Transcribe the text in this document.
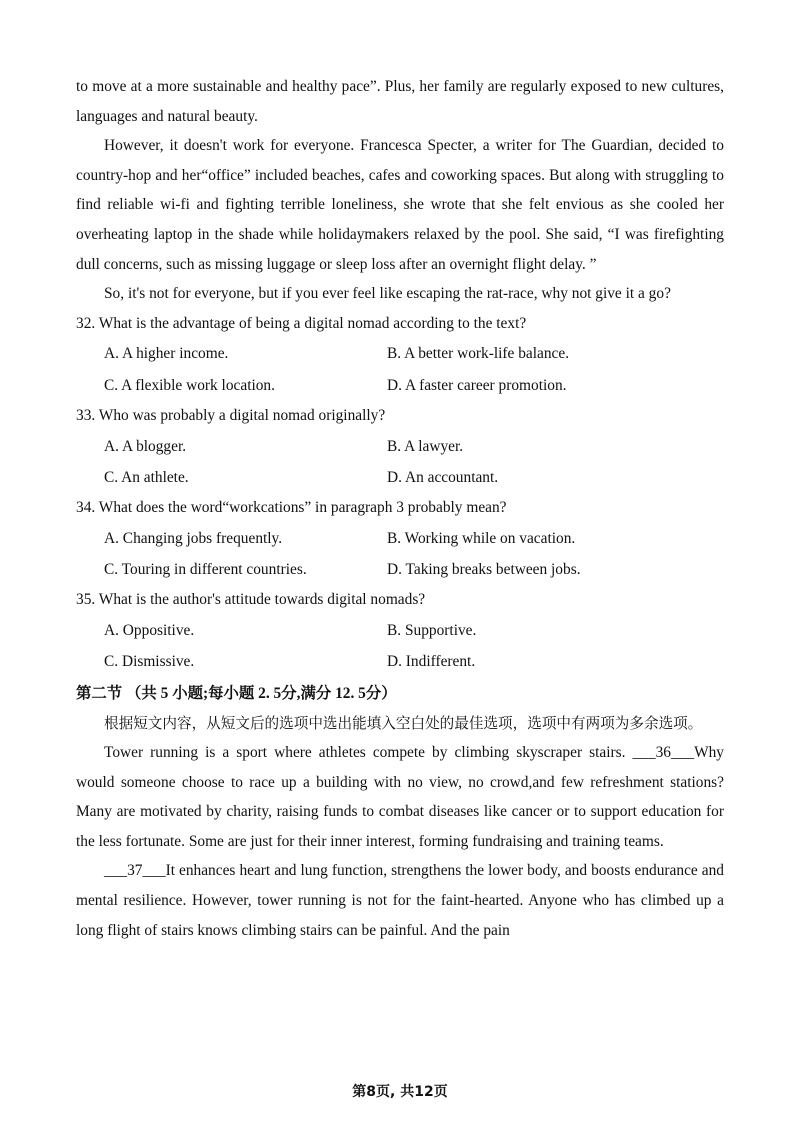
to move at a more sustainable and healthy pace”. Plus, her family are regularly exposed to new cultures, languages and natural beauty.

However, it doesn't work for everyone. Francesca Specter, a writer for The Guardian, decided to country-hop and her“office” included beaches, cafes and coworking spaces. But along with struggling to find reliable wi-fi and fighting terrible loneliness, she wrote that she felt envious as she cooled her overheating laptop in the shade while holidaymakers relaxed by the pool. She said, “I was firefighting dull concerns, such as missing luggage or sleep loss after an overnight flight delay. ”

So, it's not for everyone, but if you ever feel like escaping the rat-race, why not give it a go?

32. What is the advantage of being a digital nomad according to the text?

A. A higher income.	B. A better work-life balance.
C. A flexible work location.	D. A faster career promotion.

33. Who was probably a digital nomad originally?

A. A blogger.	B. A lawyer.
C. An athlete.	D. An accountant.

34. What does the word“workcations” in paragraph 3 probably mean?

A. Changing jobs frequently.	B. Working while on vacation.
C. Touring in different countries.	D. Taking breaks between jobs.

35. What is the author's attitude towards digital nomads?

A. Oppositive.	B. Supportive.
C. Dismissive.	D. Indifferent.
第二节 （共 5 小题;每小题 2. 5分,满分 12. 5分）

根据短文内容，从短文后的选项中选出能填入空白处的最佳选项，选项中有两项为多余选项。

Tower running is a sport where athletes compete by climbing skyscraper stairs. ___36___Why would someone choose to race up a building with no view, no crowd,and few refreshment stations? Many are motivated by charity, raising funds to combat diseases like cancer or to support education for the less fortunate. Some are just for their inner interest, forming fundraising and training teams.

___37___It enhances heart and lung function, strengthens the lower body, and boosts endurance and mental resilience. However, tower running is not for the faint-hearted. Anyone who has climbed up a long flight of stairs knows climbing stairs can be painful. And the pain

第8页, 共12页
